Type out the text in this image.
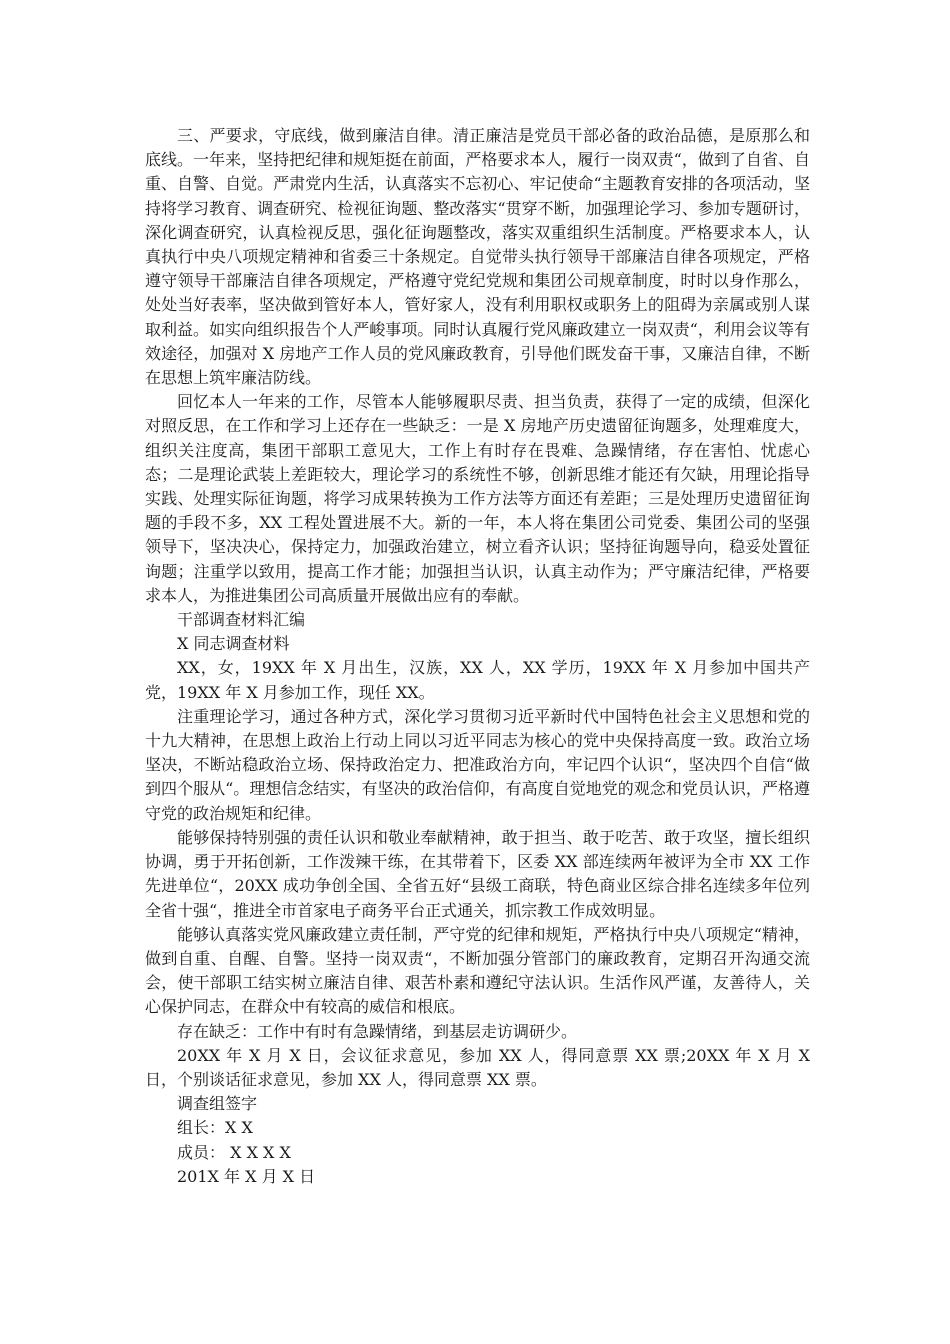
三、严要求，守底线，做到廉洁自律。清正廉洁是党员干部必备的政治品德，是原那么和底线。一年来，坚持把纪律和规矩挺在前面，严格要求本人，履行一岗双责“，做到了自省、自重、自警、自觉。严肃党内生活，认真落实不忘初心、牢记使命“主题教育安排的各项活动，坚持将学习教育、调查研究、检视征询题、整改落实“贯穿不断，加强理论学习、参加专题研讨，深化调查研究，认真检视反思，强化征询题整改，落实双重组织生活制度。严格要求本人，认真执行中央八项规定精神和省委三十条规定。自觉带头执行领导干部廉洁自律各项规定，严格遵守领导干部廉洁自律各项规定，严格遵守党纪党规和集团公司规章制度，时时以身作那么，处处当好表率，坚决做到管好本人，管好家人，没有利用职权或职务上的阻碍为亲属或别人谋取利益。如实向组织报告个人严峻事项。同时认真履行党风廉政建立一岗双责“，利用会议等有效途径，加强对 X 房地产工作人员的党风廉政教育，引导他们既发奋干事，又廉洁自律，不断在思想上筑牢廉洁防线。

回忆本人一年来的工作，尽管本人能够履职尽责、担当负责，获得了一定的成绩，但深化对照反思，在工作和学习上还存在一些缺乏：一是 X 房地产历史遗留征询题多，处理难度大，组织关注度高，集团干部职工意见大，工作上有时存在畏难、急躁情绪，存在害怕、忧虑心态；二是理论武装上差距较大，理论学习的系统性不够，创新思维才能还有欠缺，用理论指导实践、处理实际征询题，将学习成果转换为工作方法等方面还有差距；三是处理历史遗留征询题的手段不多，XX 工程处置进展不大。新的一年，本人将在集团公司党委、集团公司的坚强领导下，坚决决心，保持定力，加强政治建立，树立看齐认识；坚持征询题导向，稳妥处置征询题；注重学以致用，提高工作才能；加强担当认识，认真主动作为；严守廉洁纪律，严格要求本人，为推进集团公司高质量开展做出应有的奉献。

干部调查材料汇编

X 同志调查材料

XX，女，19XX 年 X 月出生，汉族，XX 人，XX 学历，19XX 年 X 月参加中国共产党，19XX 年 X 月参加工作，现任 XX。

注重理论学习，通过各种方式，深化学习贯彻习近平新时代中国特色社会主义思想和党的十九大精神，在思想上政治上行动上同以习近平同志为核心的党中央保持高度一致。政治立场坚决，不断站稳政治立场、保持政治定力、把准政治方向，牢记四个认识“，坚决四个自信“做到四个服从“。理想信念结实，有坚决的政治信仰，有高度自觉地党的观念和党员认识，严格遵守党的政治规矩和纪律。

能够保持特别强的责任认识和敬业奉献精神，敢于担当、敢于吃苦、敢于攻坚，擅长组织协调，勇于开拓创新，工作泼辣干练，在其带着下，区委 XX 部连续两年被评为全市 XX 工作先进单位“，20XX 成功争创全国、全省五好“县级工商联，特色商业区综合排名连续多年位列全省十强“，推进全市首家电子商务平台正式通关，抓宗教工作成效明显。

能够认真落实党风廉政建立责任制，严守党的纪律和规矩，严格执行中央八项规定“精神，做到自重、自醒、自警。坚持一岗双责“，不断加强分管部门的廉政教育，定期召开沟通交流会，使干部职工结实树立廉洁自律、艰苦朴素和遵纪守法认识。生活作风严谨，友善待人，关心保护同志，在群众中有较高的威信和根底。

存在缺乏：工作中有时有急躁情绪，到基层走访调研少。

20XX 年 X 月 X 日，会议征求意见，参加 XX 人，得同意票 XX 票;20XX 年 X 月 X 日，个别谈话征求意见，参加 XX 人，得同意票 XX 票。

调查组签字
组长：X X
成员： X X X X
201X 年 X 月 X 日
